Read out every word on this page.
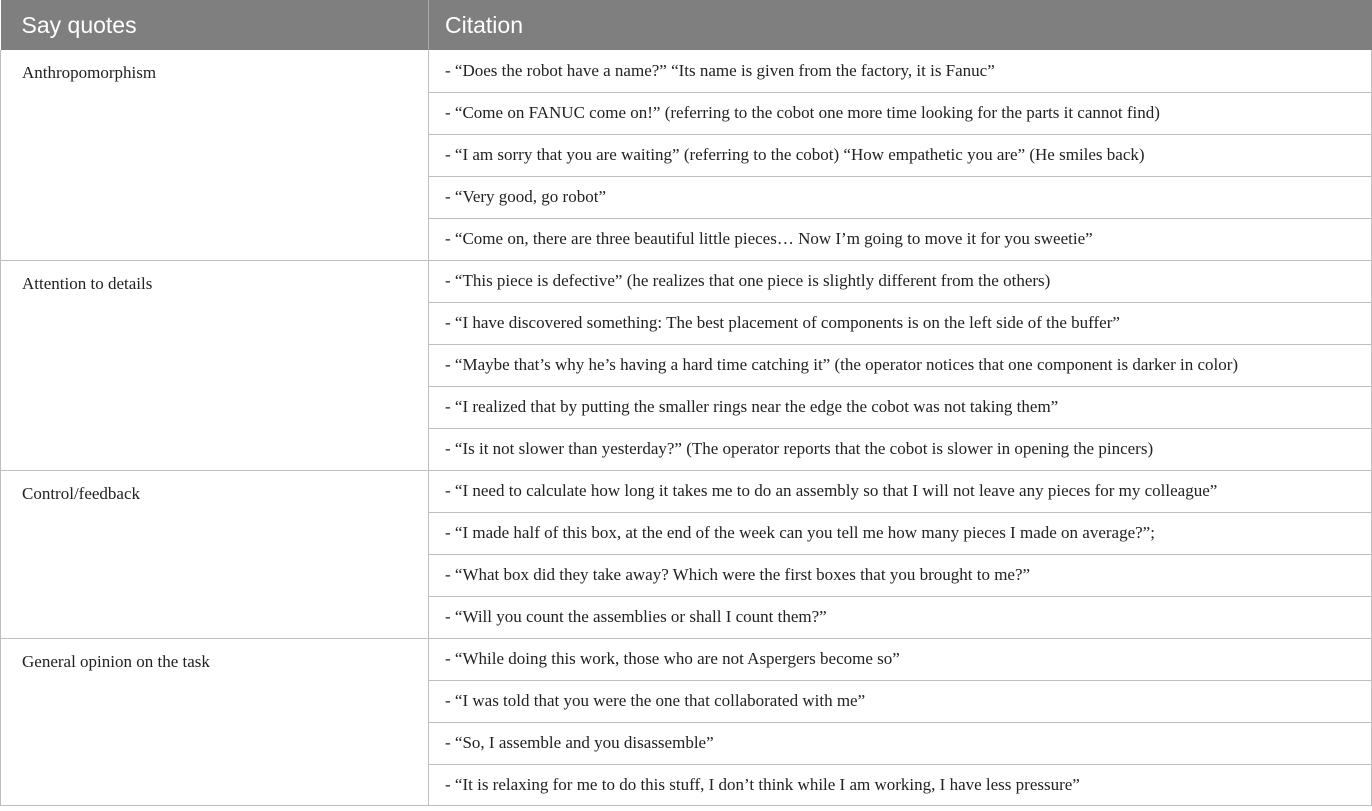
Say quotes	Citation
Anthropomorphism	- “Does the robot have a name?” “Its name is given from the factory, it is Fanuc”
	- “Come on FANUC come on!” (referring to the cobot one more time looking for the parts it cannot find)
	- “I am sorry that you are waiting” (referring to the cobot) “How empathetic you are” (He smiles back)
	- “Very good, go robot”
	- “Come on, there are three beautiful little pieces… Now I’m going to move it for you sweetie”
Attention to details	- “This piece is defective” (he realizes that one piece is slightly different from the others)
	- “I have discovered something: The best placement of components is on the left side of the buffer”
	- “Maybe that’s why he’s having a hard time catching it” (the operator notices that one component is darker in color)
	- “I realized that by putting the smaller rings near the edge the cobot was not taking them”
	- “Is it not slower than yesterday?” (The operator reports that the cobot is slower in opening the pincers)
Control/feedback	- “I need to calculate how long it takes me to do an assembly so that I will not leave any pieces for my colleague”
	- “I made half of this box, at the end of the week can you tell me how many pieces I made on average?”;
	- “What box did they take away? Which were the first boxes that you brought to me?”
	- “Will you count the assemblies or shall I count them?”
General opinion on the task	- “While doing this work, those who are not Aspergers become so”
	- “I was told that you were the one that collaborated with me”
	- “So, I assemble and you disassemble”
	- “It is relaxing for me to do this stuff, I don’t think while I am working, I have less pressure”
